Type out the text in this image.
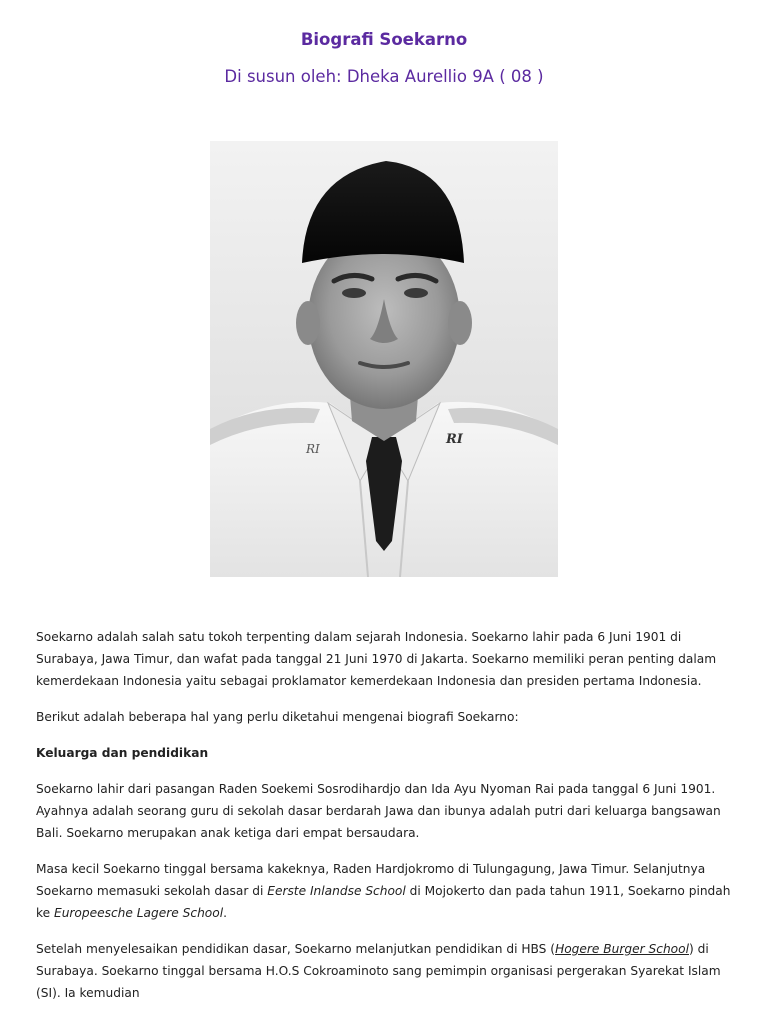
Biografi Soekarno
Di susun oleh: Dheka Aurellio 9A ( 08 )
RI
RI

Soekarno adalah salah satu tokoh terpenting dalam sejarah Indonesia. Soekarno lahir pada 6 Juni 1901 di Surabaya, Jawa Timur, dan wafat pada tanggal 21 Juni 1970 di Jakarta. Soekarno memiliki peran penting dalam kemerdekaan Indonesia yaitu sebagai proklamator kemerdekaan Indonesia dan presiden pertama Indonesia.

Berikut adalah beberapa hal yang perlu diketahui mengenai biografi Soekarno:

Keluarga dan pendidikan

Soekarno lahir dari pasangan Raden Soekemi Sosrodihardjo dan Ida Ayu Nyoman Rai pada tanggal 6 Juni 1901. Ayahnya adalah seorang guru di sekolah dasar berdarah Jawa dan ibunya adalah putri dari keluarga bangsawan Bali. Soekarno merupakan anak ketiga dari empat bersaudara.

Masa kecil Soekarno tinggal bersama kakeknya, Raden Hardjokromo di Tulungagung, Jawa Timur. Selanjutnya Soekarno memasuki sekolah dasar di Eerste Inlandse School di Mojokerto dan pada tahun 1911, Soekarno pindah ke Europeesche Lagere School.

Setelah menyelesaikan pendidikan dasar, Soekarno melanjutkan pendidikan di HBS (Hogere Burger School) di Surabaya. Soekarno tinggal bersama H.O.S Cokroaminoto sang pemimpin organisasi pergerakan Syarekat Islam (SI). Ia kemudian
